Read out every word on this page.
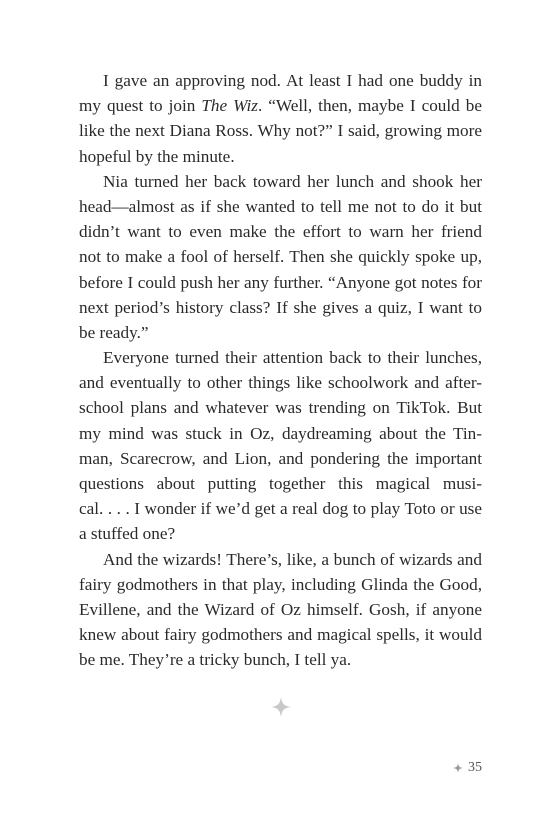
I gave an approving nod. At least I had one buddy in
my quest to join The Wiz. “Well, then, maybe I could be
like the next Diana Ross. Why not?” I said, growing more
hopeful by the minute.
Nia turned her back toward her lunch and shook her
head—almost as if she wanted to tell me not to do it but
didn’t want to even make the effort to warn her friend
not to make a fool of herself. Then she quickly spoke up,
before I could push her any further. “Anyone got notes for
next period’s history class? If she gives a quiz, I want to
be ready.”
Everyone turned their attention back to their lunches,
and eventually to other things like schoolwork and after-
school plans and whatever was trending on TikTok. But
my mind was stuck in Oz, daydreaming about the Tin-
man, Scarecrow, and Lion, and pondering the important
questions about putting together this magical musi-
cal. . . . I wonder if we’d get a real dog to play Toto or use
a stuffed one?
And the wizards! There’s, like, a bunch of wizards and
fairy godmothers in that play, including Glinda the Good,
Evillene, and the Wizard of Oz himself. Gosh, if anyone
knew about fairy godmothers and magical spells, it would
be me. They’re a tricky bunch, I tell ya.
35
